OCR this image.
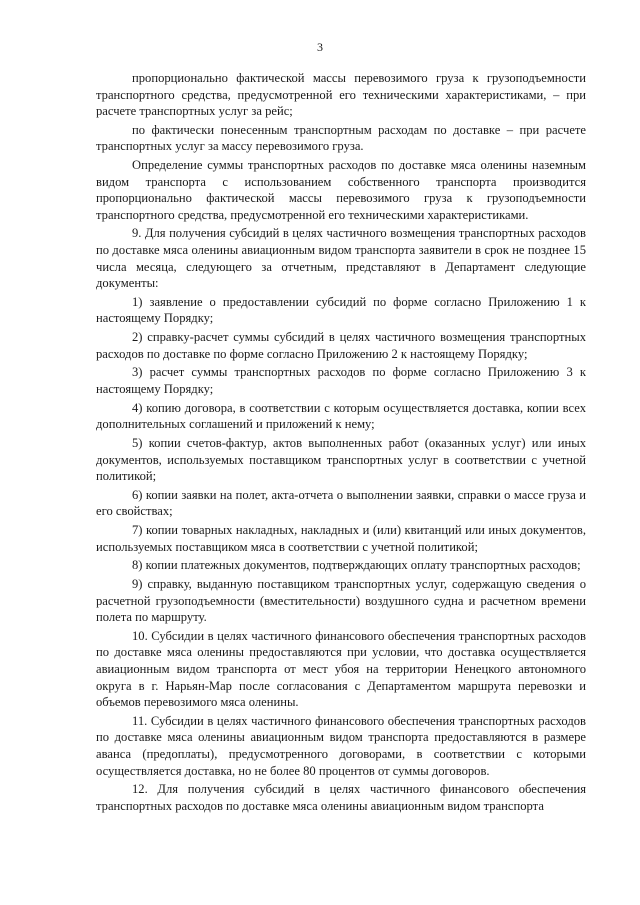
3

пропорционально фактической массы перевозимого груза к грузоподъемности транспортного средства, предусмотренной его техническими характеристиками, – при расчете транспортных услуг за рейс;

по фактически понесенным транспортным расходам по доставке – при расчете транспортных услуг за массу перевозимого груза.

Определение суммы транспортных расходов по доставке мяса оленины наземным видом транспорта с использованием собственного транспорта производится пропорционально фактической массы перевозимого груза к грузоподъемности транспортного средства, предусмотренной его техническими характеристиками.

9. Для получения субсидий в целях частичного возмещения транспортных расходов по доставке мяса оленины авиационным видом транспорта заявители в срок не позднее 15 числа месяца, следующего за отчетным, представляют в Департамент следующие документы:

1) заявление о предоставлении субсидий по форме согласно Приложению 1 к настоящему Порядку;

2) справку-расчет суммы субсидий в целях частичного возмещения транспортных расходов по доставке по форме согласно Приложению 2 к настоящему Порядку;

3) расчет суммы транспортных расходов по форме согласно Приложению 3 к настоящему Порядку;

4) копию договора, в соответствии с которым осуществляется доставка, копии всех дополнительных соглашений и приложений к нему;

5) копии счетов-фактур, актов выполненных работ (оказанных услуг) или иных документов, используемых поставщиком транспортных услуг в соответствии с учетной политикой;

6) копии заявки на полет, акта-отчета о выполнении заявки, справки о массе груза и его свойствах;

7) копии товарных накладных, накладных и (или) квитанций или иных документов, используемых поставщиком мяса в соответствии с учетной политикой;

8) копии платежных документов, подтверждающих оплату транспортных расходов;

9) справку, выданную поставщиком транспортных услуг, содержащую сведения о расчетной грузоподъемности (вместительности) воздушного судна и расчетном времени полета по маршруту.

10. Субсидии в целях частичного финансового обеспечения транспортных расходов по доставке мяса оленины предоставляются при условии, что доставка осуществляется авиационным видом транспорта от мест убоя на территории Ненецкого автономного округа в г. Нарьян-Мар после согласования с Департаментом маршрута перевозки и объемов перевозимого мяса оленины.

11. Субсидии в целях частичного финансового обеспечения транспортных расходов по доставке мяса оленины авиационным видом транспорта предоставляются в размере аванса (предоплаты), предусмотренного договорами, в соответствии с которыми осуществляется доставка, но не более 80 процентов от суммы договоров.

12. Для получения субсидий в целях частичного финансового обеспечения транспортных расходов по доставке мяса оленины авиационным видом транспорта
